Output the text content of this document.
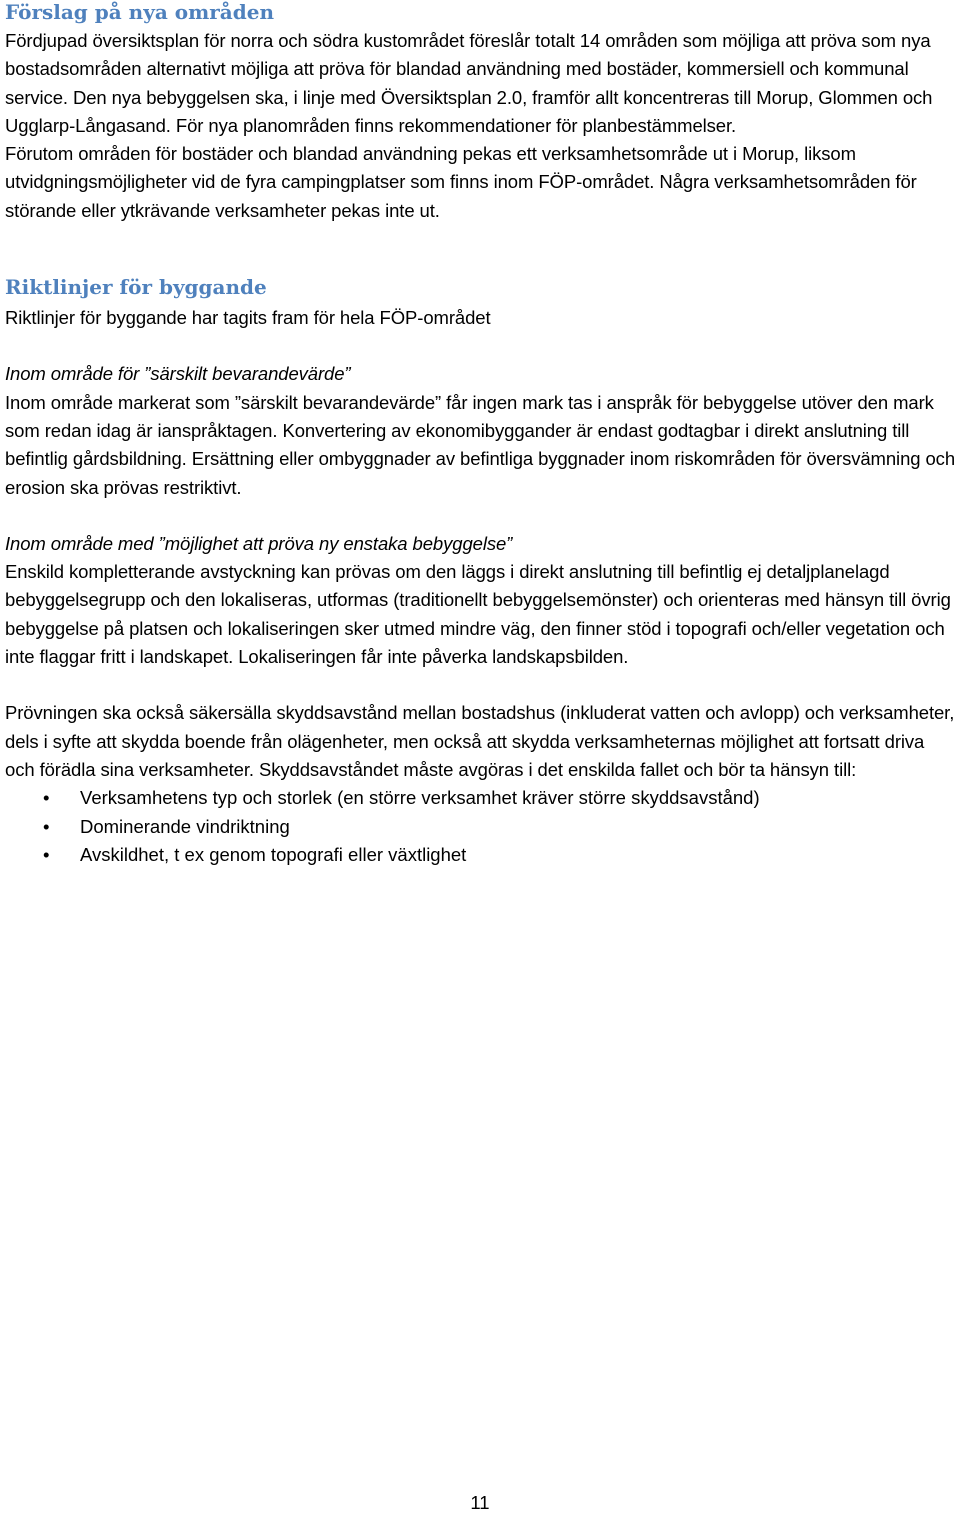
Förslag på nya områden

Fördjupad översiktsplan för norra och södra kustområdet föreslår totalt 14 områden som möjliga att pröva som nya bostadsområden alternativt möjliga att pröva för blandad användning med bostäder, kommersiell och kommunal service. Den nya bebyggelsen ska, i linje med Översiktsplan 2.0, framför allt koncentreras till Morup, Glommen och Ugglarp-Långasand. För nya planområden finns rekommendationer för planbestämmelser.

Förutom områden för bostäder och blandad användning pekas ett verksamhetsområde ut i Morup, liksom utvidgningsmöjligheter vid de fyra campingplatser som finns inom FÖP-området. Några verksamhetsområden för störande eller ytkrävande verksamheter pekas inte ut.

Riktlinjer för byggande

Riktlinjer för byggande har tagits fram för hela FÖP-området

Inom område för ”särskilt bevarandevärde”

Inom område markerat som ”särskilt bevarandevärde” får ingen mark tas i anspråk för bebyggelse utöver den mark som redan idag är ianspråktagen. Konvertering av ekonomibyggander är endast godtagbar i direkt anslutning till befintlig gårdsbildning. Ersättning eller ombyggnader av befintliga byggnader inom riskområden för översvämning och erosion ska prövas restriktivt.

Inom område med ”möjlighet att pröva ny enstaka bebyggelse”

Enskild kompletterande avstyckning kan prövas om den läggs i direkt anslutning till befintlig ej detaljplanelagd bebyggelsegrupp och den lokaliseras, utformas (traditionellt bebyggelsemönster) och orienteras med hänsyn till övrig bebyggelse på platsen och lokaliseringen sker utmed mindre väg, den finner stöd i topografi och/eller vegetation och inte flaggar fritt i landskapet. Lokaliseringen får inte påverka landskapsbilden.

Prövningen ska också säkersälla skyddsavstånd mellan bostadshus (inkluderat vatten och avlopp) och verksamheter, dels i syfte att skydda boende från olägenheter, men också att skydda verksamheternas möjlighet att fortsatt driva och förädla sina verksamheter. Skyddsavståndet måste avgöras i det enskilda fallet och bör ta hänsyn till:

• Verksamhetens typ och storlek (en större verksamhet kräver större skyddsavstånd)
• Dominerande vindriktning
• Avskildhet, t ex genom topografi eller växtlighet
11
